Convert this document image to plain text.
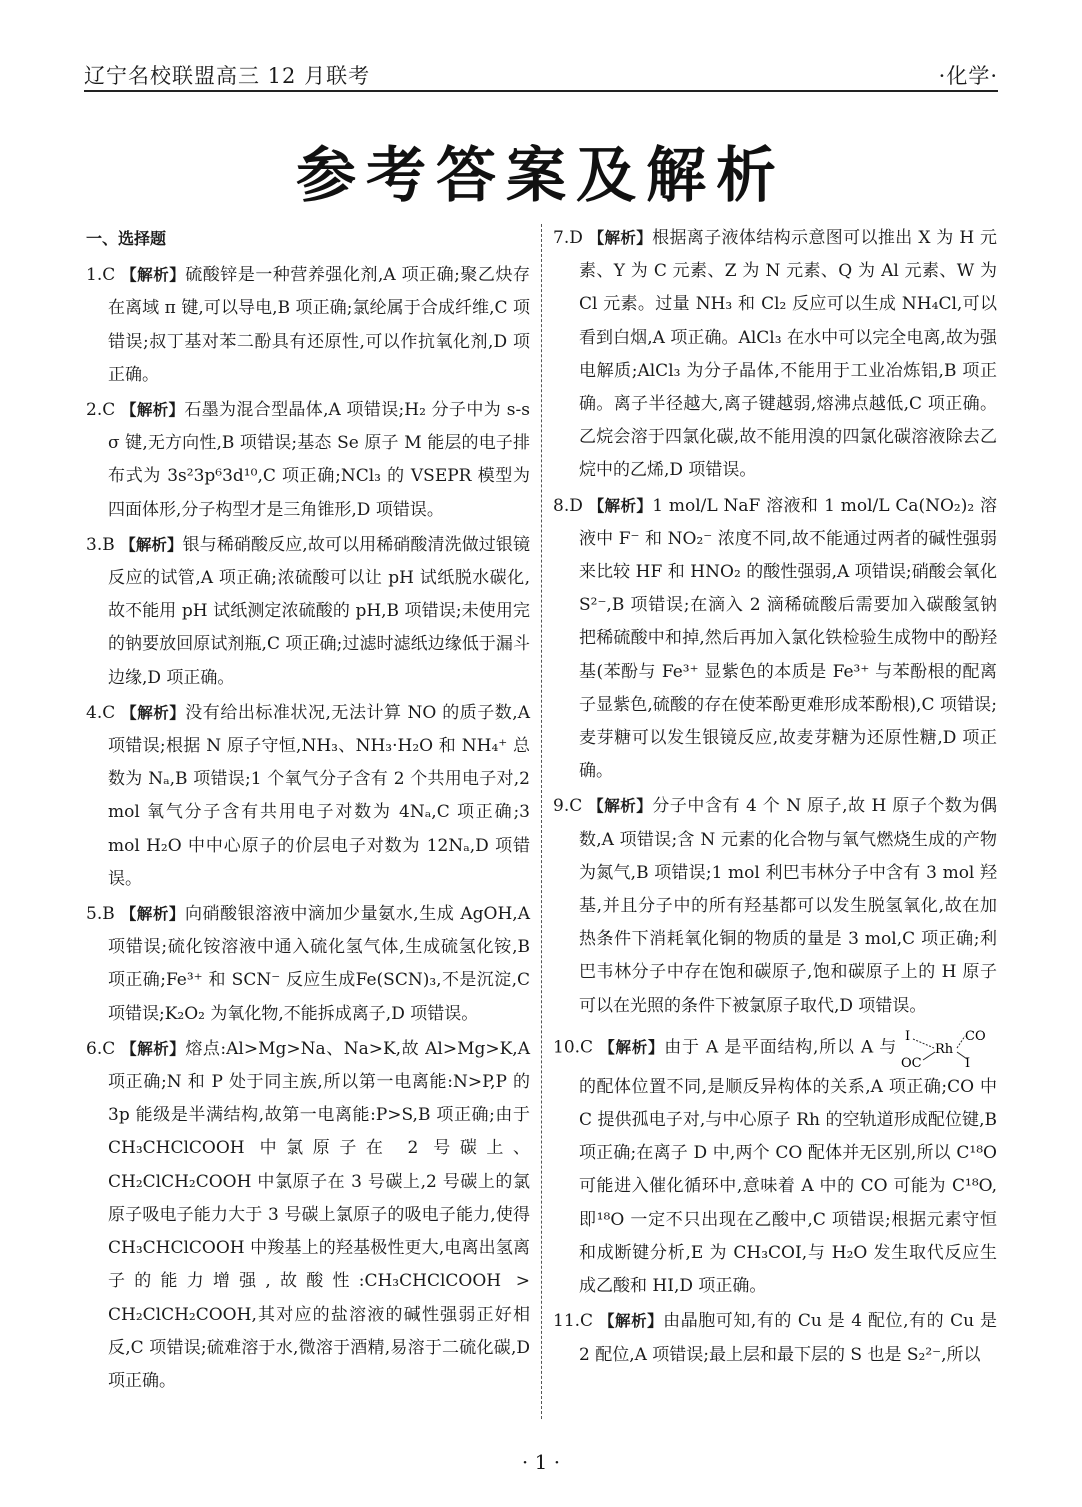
辽宁名校联盟高三 12 月联考	·化学·
参考答案及解析
一、选择题
1.C 【解析】硫酸锌是一种营养强化剂,A 项正确;聚乙炔存在离域 π 键,可以导电,B 项正确;氯纶属于合成纤维,C 项错误;叔丁基对苯二酚具有还原性,可以作抗氧化剂,D 项正确。
2.C 【解析】石墨为混合型晶体,A 项错误;H₂ 分子中为 s-s σ 键,无方向性,B 项错误;基态 Se 原子 M 能层的电子排布式为 3s²3p⁶3d¹⁰,C 项正确;NCl₃ 的 VSEPR 模型为四面体形,分子构型才是三角锥形,D 项错误。
3.B 【解析】银与稀硝酸反应,故可以用稀硝酸清洗做过银镜反应的试管,A 项正确;浓硫酸可以让 pH 试纸脱水碳化,故不能用 pH 试纸测定浓硫酸的 pH,B 项错误;未使用完的钠要放回原试剂瓶,C 项正确;过滤时滤纸边缘低于漏斗边缘,D 项正确。
4.C 【解析】没有给出标准状况,无法计算 NO 的质子数,A 项错误;根据 N 原子守恒,NH₃、NH₃·H₂O 和 NH₄⁺ 总数为 Nₐ,B 项错误;1 个氧气分子含有 2 个共用电子对,2 mol 氧气分子含有共用电子对数为 4Nₐ,C 项正确;3 mol H₂O 中中心原子的价层电子对数为 12Nₐ,D 项错误。
5.B 【解析】向硝酸银溶液中滴加少量氨水,生成 AgOH,A 项错误;硫化铵溶液中通入硫化氢气体,生成硫氢化铵,B 项正确;Fe³⁺ 和 SCN⁻ 反应生成Fe(SCN)₃,不是沉淀,C 项错误;K₂O₂ 为氧化物,不能拆成离子,D 项错误。
6.C 【解析】熔点:Al>Mg>Na、Na>K,故 Al>Mg>K,A 项正确;N 和 P 处于同主族,所以第一电离能:N>P,P 的 3p 能级是半满结构,故第一电离能:P>S,B 项正确;由于 CH₃CHClCOOH 中氯原子在 2 号碳上、CH₂ClCH₂COOH 中氯原子在 3 号碳上,2 号碳上的氯原子吸电子能力大于 3 号碳上氯原子的吸电子能力,使得 CH₃CHClCOOH 中羧基上的羟基极性更大,电离出氢离子的能力增强,故酸性:CH₃CHClCOOH > CH₂ClCH₂COOH,其对应的盐溶液的碱性强弱正好相反,C 项错误;硫难溶于水,微溶于酒精,易溶于二硫化碳,D 项正确。
7.D 【解析】根据离子液体结构示意图可以推出 X 为 H 元素、Y 为 C 元素、Z 为 N 元素、Q 为 Al 元素、W 为 Cl 元素。过量 NH₃ 和 Cl₂ 反应可以生成 NH₄Cl,可以看到白烟,A 项正确。AlCl₃ 在水中可以完全电离,故为强电解质;AlCl₃ 为分子晶体,不能用于工业冶炼铝,B 项正确。离子半径越大,离子键越弱,熔沸点越低,C 项正确。乙烷会溶于四氯化碳,故不能用溴的四氯化碳溶液除去乙烷中的乙烯,D 项错误。
8.D 【解析】1 mol/L NaF 溶液和 1 mol/L Ca(NO₂)₂ 溶液中 F⁻ 和 NO₂⁻ 浓度不同,故不能通过两者的碱性强弱来比较 HF 和 HNO₂ 的酸性强弱,A 项错误;硝酸会氧化 S²⁻,B 项错误;在滴入 2 滴稀硫酸后需要加入碳酸氢钠把稀硫酸中和掉,然后再加入氯化铁检验生成物中的酚羟基(苯酚与 Fe³⁺ 显紫色的本质是 Fe³⁺ 与苯酚根的配离子显紫色,硫酸的存在使苯酚更难形成苯酚根),C 项错误;麦芽糖可以发生银镜反应,故麦芽糖为还原性糖,D 项正确。
9.C 【解析】分子中含有 4 个 N 原子,故 H 原子个数为偶数,A 项错误;含 N 元素的化合物与氧气燃烧生成的产物为氮气,B 项错误;1 mol 利巴韦林分子中含有 3 mol 羟基,并且分子中的所有羟基都可以发生脱氢氧化,故在加热条件下消耗氧化铜的物质的量是 3 mol,C 项正确;利巴韦林分子中存在饱和碳原子,饱和碳原子上的 H 原子可以在光照的条件下被氯原子取代,D 项错误。
10.C 【解析】由于 A 是平面结构,所以 A 与
I	CO
Rh
OC	I
的配体位置不同,是顺反异构体的关系,A 项正确;CO 中 C 提供孤电子对,与中心原子 Rh 的空轨道形成配位键,B 项正确;在离子 D 中,两个 CO 配体并无区别,所以 C¹⁸O 可能进入催化循环中,意味着 A 中的 CO 可能为 C¹⁸O,即¹⁸O 一定不只出现在乙酸中,C 项错误;根据元素守恒和成断键分析,E 为 CH₃COI,与 H₂O 发生取代反应生成乙酸和 HI,D 项正确。
11.C 【解析】由晶胞可知,有的 Cu 是 4 配位,有的 Cu 是 2 配位,A 项错误;最上层和最下层的 S 也是 S₂²⁻,所以
· 1 ·
